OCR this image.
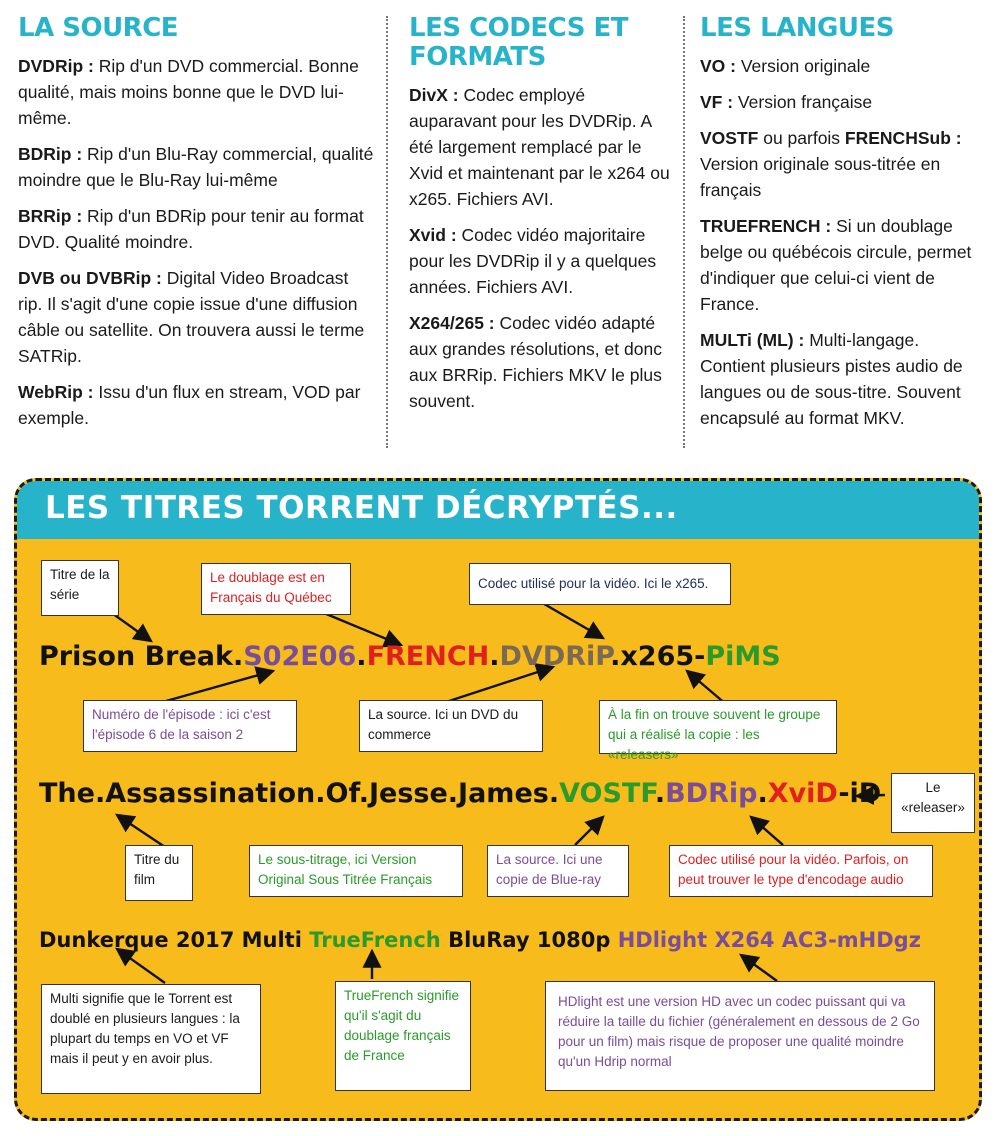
LA SOURCE

DVDRip : Rip d'un DVD commercial. Bonne qualité, mais moins bonne que le DVD lui-même.

BDRip : Rip d'un Blu-Ray commercial, qualité moindre que le Blu-Ray lui-même

BRRip : Rip d'un BDRip pour tenir au format DVD. Qualité moindre.

DVB ou DVBRip : Digital Video Broadcast rip. Il s'agit d'une copie issue d'une diffusion câble ou satellite. On trouvera aussi le terme SATRip.

WebRip : Issu d'un flux en stream, VOD par exemple.

LES CODECS ET FORMATS

DivX : Codec employé auparavant pour les DVDRip. A été largement remplacé par le Xvid et maintenant par le x264 ou x265. Fichiers AVI.

Xvid : Codec vidéo majoritaire pour les DVDRip il y a quelques années. Fichiers AVI.

X264/265 : Codec vidéo adapté aux grandes résolutions, et donc aux BRRip. Fichiers MKV le plus souvent.

LES LANGUES

VO : Version originale

VF : Version française

VOSTF ou parfois FRENCHSub : Version originale sous-titrée en français

TRUEFRENCH : Si un doublage belge ou québécois circule, permet d'indiquer que celui-ci vient de France.

MULTi (ML) : Multi-langage. Contient plusieurs pistes audio de langues ou de sous-titre. Souvent encapsulé au format MKV.

LES TITRES TORRENT DÉCRYPTÉS...
Titre de la série
Le doublage est en Français du Québec
Codec utilisé pour la vidéo. Ici le x265.
Prison Break.S02E06.FRENCH.DVDRiP.x265-PiMS
Numéro de l'épisode : ici c'est l'épisode 6 de la saison 2
La source. Ici un DVD du commerce
À la fin on trouve souvent le groupe qui a réalisé la copie : les «releasers»
The.Assassination.Of.Jesse.James.VOSTF.BDRip.XviD-iD	Le «releaser»
Titre du film
Le sous-titrage, ici Version Original Sous Titrée Français
La source. Ici une copie de Blue-ray
Codec utilisé pour la vidéo. Parfois, on peut trouver le type d'encodage audio
Dunkerque 2017 Multi TrueFrench BluRay 1080p HDlight X264 AC3-mHDgz
Multi signifie que le Torrent est doublé en plusieurs langues : la plupart du temps en VO et VF mais il peut y en avoir plus.
TrueFrench signifie qu'il s'agit du doublage français de France
HDlight est une version HD avec un codec puissant qui va réduire la taille du fichier (généralement en dessous de 2 Go pour un film) mais risque de proposer une qualité moindre qu'un Hdrip normal
